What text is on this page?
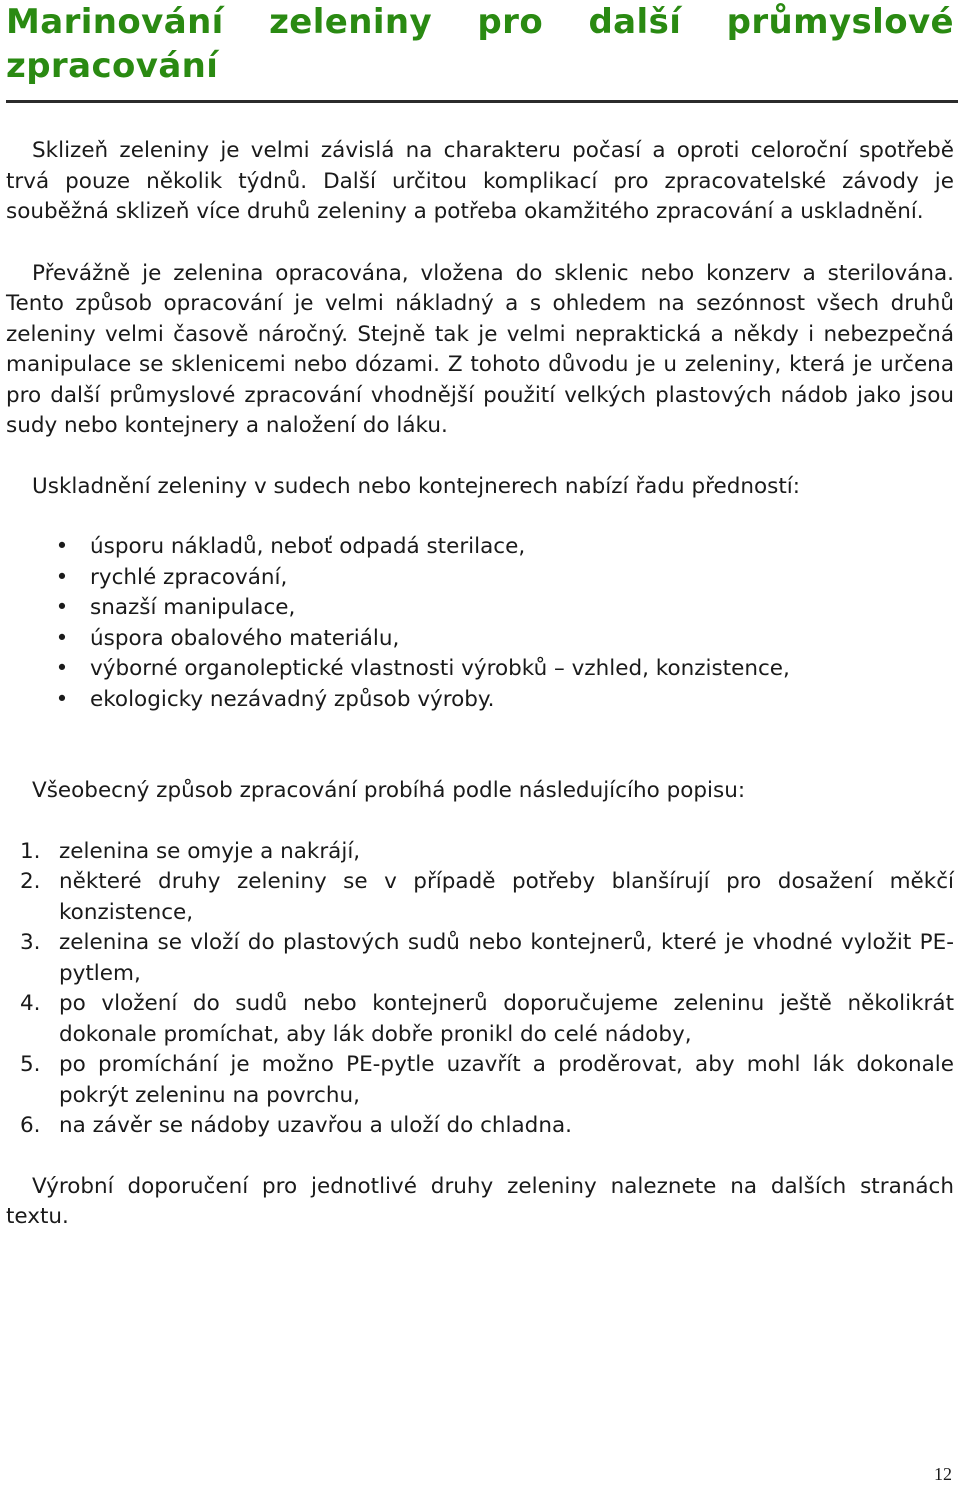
Marinování zeleniny pro další průmyslové zpracování

Sklizeň zeleniny je velmi závislá na charakteru počasí a oproti celoroční spotřebě trvá pouze několik týdnů. Další určitou komplikací pro zpracovatelské závody je souběžná sklizeň více druhů zeleniny a potřeba okamžitého zpracování a uskladnění.

Převážně je zelenina opracována, vložena do sklenic nebo konzerv a sterilována. Tento způsob opracování je velmi nákladný a s ohledem na sezónnost všech druhů zeleniny velmi časově náročný. Stejně tak je velmi nepraktická a někdy i nebezpečná manipulace se sklenicemi nebo dózami. Z tohoto důvodu je u zeleniny, která je určena pro další průmyslové zpracování vhodnější použití velkých plastových nádob jako jsou sudy nebo kontejnery a naložení do láku.

Uskladnění zeleniny v sudech nebo kontejnerech nabízí řadu předností:

• úsporu nákladů, neboť odpadá sterilace,
• rychlé zpracování,
• snazší manipulace,
• úspora obalového materiálu,
• výborné organoleptické vlastnosti výrobků – vzhled, konzistence,
• ekologicky nezávadný způsob výroby.

Všeobecný způsob zpracování probíhá podle následujícího popisu:

1. zelenina se omyje a nakrájí,
2. některé druhy zeleniny se v případě potřeby blanšírují pro dosažení měkčí konzistence,
3. zelenina se vloží do plastových sudů nebo kontejnerů, které je vhodné vyložit PE-pytlem,
4. po vložení do sudů nebo kontejnerů doporučujeme zeleninu ještě několikrát dokonale promíchat, aby lák dobře pronikl do celé nádoby,
5. po promíchání je možno PE-pytle uzavřít a proděrovat, aby mohl lák dokonale pokrýt zeleninu na povrchu,
6. na závěr se nádoby uzavřou a uloží do chladna.

Výrobní doporučení pro jednotlivé druhy zeleniny naleznete na dalších stranách textu.

12
